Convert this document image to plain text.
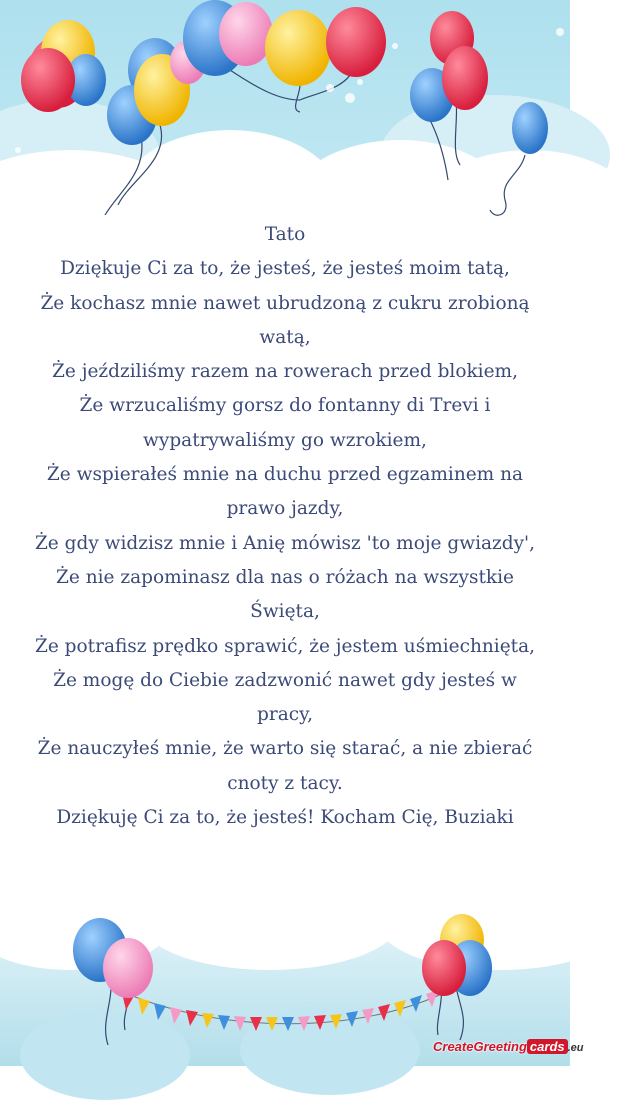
Tato
Dziękuje Ci za to, że jesteś, że jesteś moim tatą,
Że kochasz mnie nawet ubrudzoną z cukru zrobioną
watą,
Że jeździliśmy razem na rowerach przed blokiem,
Że wrzucaliśmy gorsz do fontanny di Trevi i
wypatrywaliśmy go wzrokiem,
Że wspierałeś mnie na duchu przed egzaminem na
prawo jazdy,
Że gdy widzisz mnie i Anię mówisz 'to moje gwiazdy',
Że nie zapominasz dla nas o różach na wszystkie
Święta,
Że potrafisz prędko sprawić, że jestem uśmiechnięta,
Że mogę do Ciebie zadzwonić nawet gdy jesteś w
pracy,
Że nauczyłeś mnie, że warto się starać, a nie zbierać
cnoty z tacy.
Dziękuję Ci za to, że jesteś! Kocham Cię, Buziaki
CreateGreeting cards .eu
